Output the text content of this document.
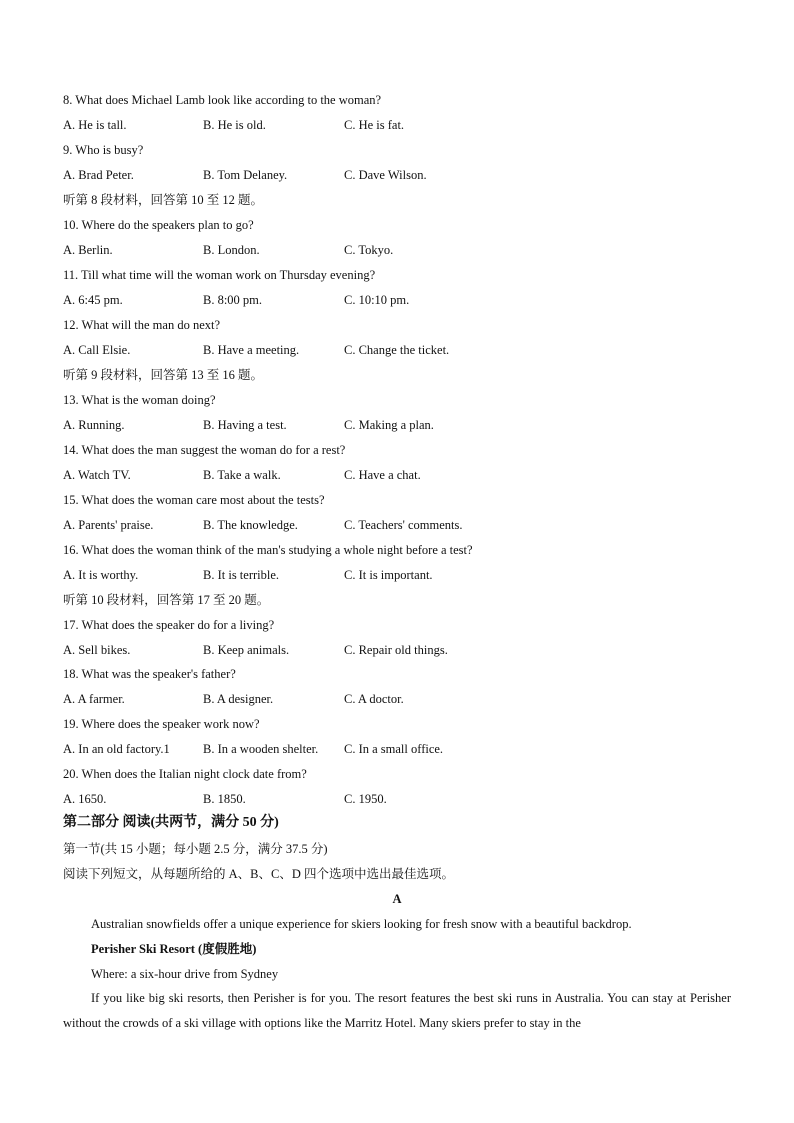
8. What does Michael Lamb look like according to the woman?
A. He is tall.	B. He is old.	C. He is fat.
9. Who is busy?
A. Brad Peter.	B. Tom Delaney.	C. Dave Wilson.
听第 8 段材料，回答第 10 至 12 题。
10. Where do the speakers plan to go?
A. Berlin.	B. London.	C. Tokyo.
11. Till what time will the woman work on Thursday evening?
A. 6:45 pm.	B. 8:00 pm.	C. 10:10 pm.
12. What will the man do next?
A. Call Elsie.	B. Have a meeting.	C. Change the ticket.
听第 9 段材料，回答第 13 至 16 题。
13. What is the woman doing?
A. Running.	B. Having a test.	C. Making a plan.
14. What does the man suggest the woman do for a rest?
A. Watch TV.	B. Take a walk.	C. Have a chat.
15. What does the woman care most about the tests?
A. Parents' praise.	B. The knowledge.	C. Teachers' comments.
16. What does the woman think of the man's studying a whole night before a test?
A. It is worthy.	B. It is terrible.	C. It is important.
听第 10 段材料，回答第 17 至 20 题。
17. What does the speaker do for a living?
A. Sell bikes.	B. Keep animals.	C. Repair old things.
18. What was the speaker's father?
A. A farmer.	B. A designer.	C. A doctor.
19. Where does the speaker work now?
A. In an old factory.1	B. In a wooden shelter. C. In a small office.
20. When does the Italian night clock date from?
A. 1650.	B. 1850.	C. 1950.
第二部分 阅读(共两节，满分 50 分)
第一节(共 15 小题；每小题 2.5 分，满分 37.5 分)
阅读下列短文，从每题所给的 A、B、C、D 四个选项中选出最佳选项。
A
Australian snowfields offer a unique experience for skiers looking for fresh snow with a beautiful backdrop.
Perisher Ski Resort (度假胜地)
Where: a six-hour drive from Sydney
If you like big ski resorts, then Perisher is for you. The resort features the best ski runs in Australia. You can stay at Perisher without the crowds of a ski village with options like the Marritz Hotel. Many skiers prefer to stay in the
